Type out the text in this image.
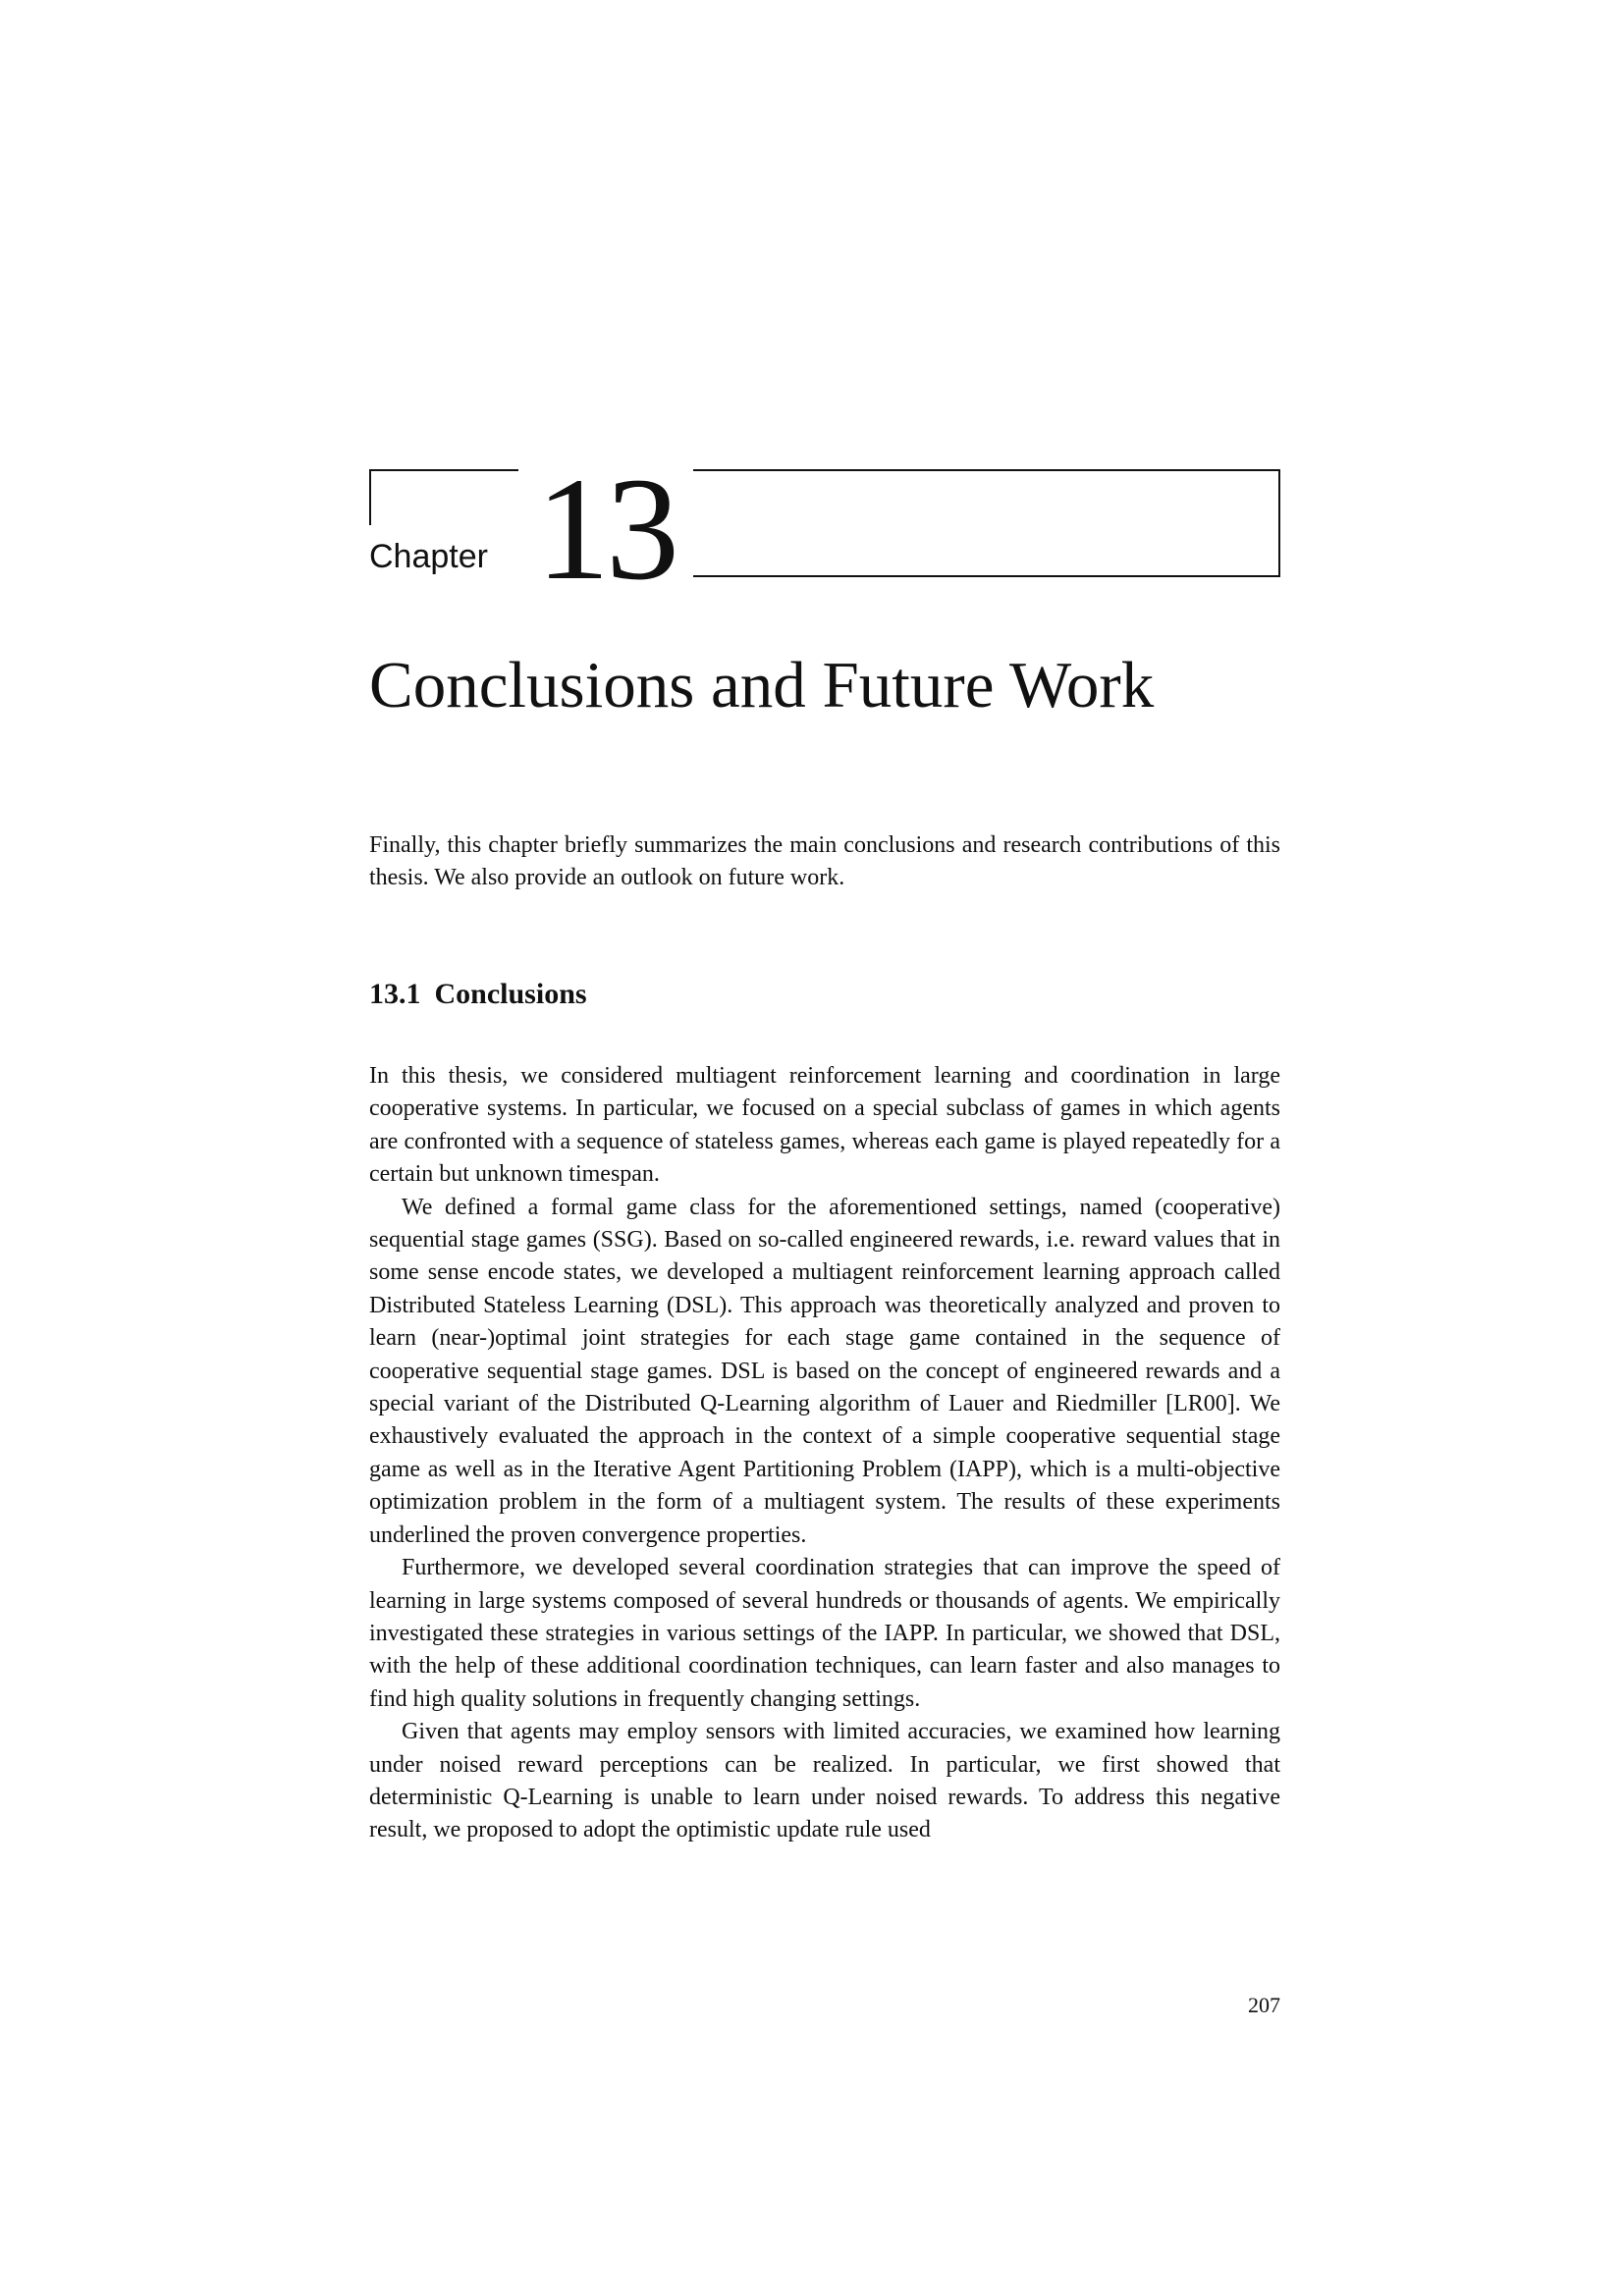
Chapter 13
Conclusions and Future Work

Finally, this chapter briefly summarizes the main conclusions and research contributions of this thesis. We also provide an outlook on future work.

13.1 Conclusions

In this thesis, we considered multiagent reinforcement learning and coordination in large cooperative systems. In particular, we focused on a special subclass of games in which agents are confronted with a sequence of stateless games, whereas each game is played repeatedly for a certain but unknown timespan.

We defined a formal game class for the aforementioned settings, named (cooperative) sequential stage games (SSG). Based on so-called engineered rewards, i.e. reward values that in some sense encode states, we developed a multiagent reinforcement learning approach called Distributed Stateless Learning (DSL). This approach was theoretically analyzed and proven to learn (near-)optimal joint strategies for each stage game contained in the sequence of cooperative sequential stage games. DSL is based on the concept of engineered rewards and a special variant of the Distributed Q-Learning algorithm of Lauer and Riedmiller [LR00]. We exhaustively evaluated the approach in the context of a simple cooperative sequential stage game as well as in the Iterative Agent Partitioning Problem (IAPP), which is a multi-objective optimization problem in the form of a multiagent system. The results of these experiments underlined the proven convergence properties.

Furthermore, we developed several coordination strategies that can improve the speed of learning in large systems composed of several hundreds or thousands of agents. We empirically investigated these strategies in various settings of the IAPP. In particular, we showed that DSL, with the help of these additional coordination techniques, can learn faster and also manages to find high quality solutions in frequently changing settings.

Given that agents may employ sensors with limited accuracies, we examined how learning under noised reward perceptions can be realized. In particular, we first showed that deterministic Q-Learning is unable to learn under noised rewards. To address this negative result, we proposed to adopt the optimistic update rule used

207
